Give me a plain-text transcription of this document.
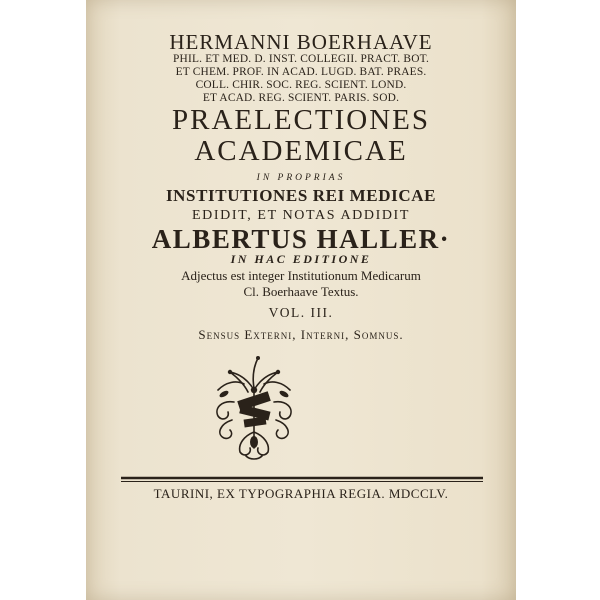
HERMANNI BOERHAAVE

PHIL. ET MED. D. INST. COLLEGII. PRACT. BOT.

ET CHEM. PROF. IN ACAD. LUGD. BAT. PRAES.

COLL. CHIR. SOC. REG. SCIENT. LOND.

ET ACAD. REG. SCIENT. PARIS. SOD.

PRAELECTIONES

ACADEMICAE

IN PROPRIAS

INSTITUTIONES REI MEDICAE

EDIDIT, ET NOTAS ADDIDIT

ALBERTUS HALLER·

IN HAC EDITIONE

Adjectus est integer Institutionum Medicarum

Cl. Boerhaave Textus.

VOL. III.

Sensus Externi, Interni, Somnus.

TAURINI, EX TYPOGRAPHIA REGIA. MDCCLV.
